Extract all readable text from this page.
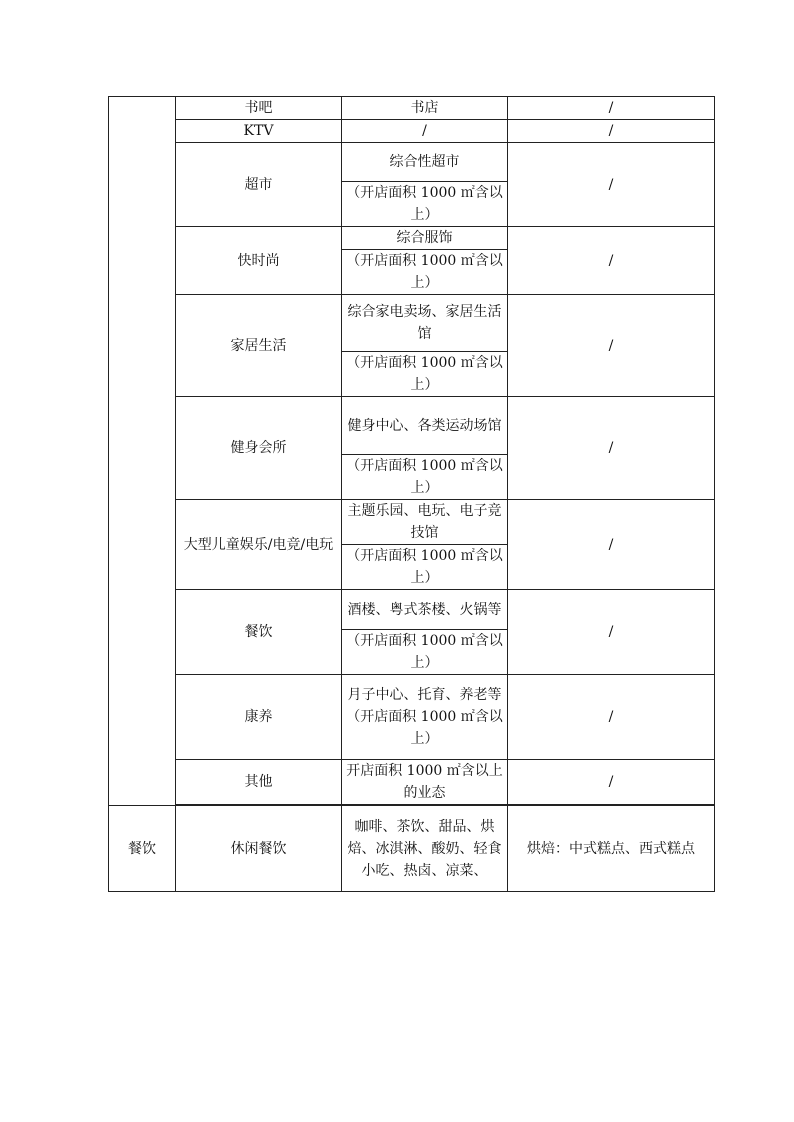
	书吧	书店	/
	KTV	/	/
	超市	综合性超市	/
		（开店面积 1000 ㎡含以上）	
	快时尚	综合服饰	/
		（开店面积 1000 ㎡含以上）	
	家居生活	综合家电卖场、家居生活馆	/
		（开店面积 1000 ㎡含以上）	
	健身会所	健身中心、各类运动场馆	/
		（开店面积 1000 ㎡含以上）	
	大型儿童娱乐/电竞/电玩	主题乐园、电玩、电子竞技馆	/
		（开店面积 1000 ㎡含以上）	
	餐饮	酒楼、粤式茶楼、火锅等	/
		（开店面积 1000 ㎡含以上）	
	康养	月子中心、托育、养老等（开店面积 1000 ㎡含以上）	/
	其他	开店面积 1000 ㎡含以上的业态	/

餐饮	休闲餐饮	咖啡、茶饮、甜品、烘焙、冰淇淋、酸奶、轻食小吃、热卤、凉菜、	烘焙：中式糕点、西式糕点
